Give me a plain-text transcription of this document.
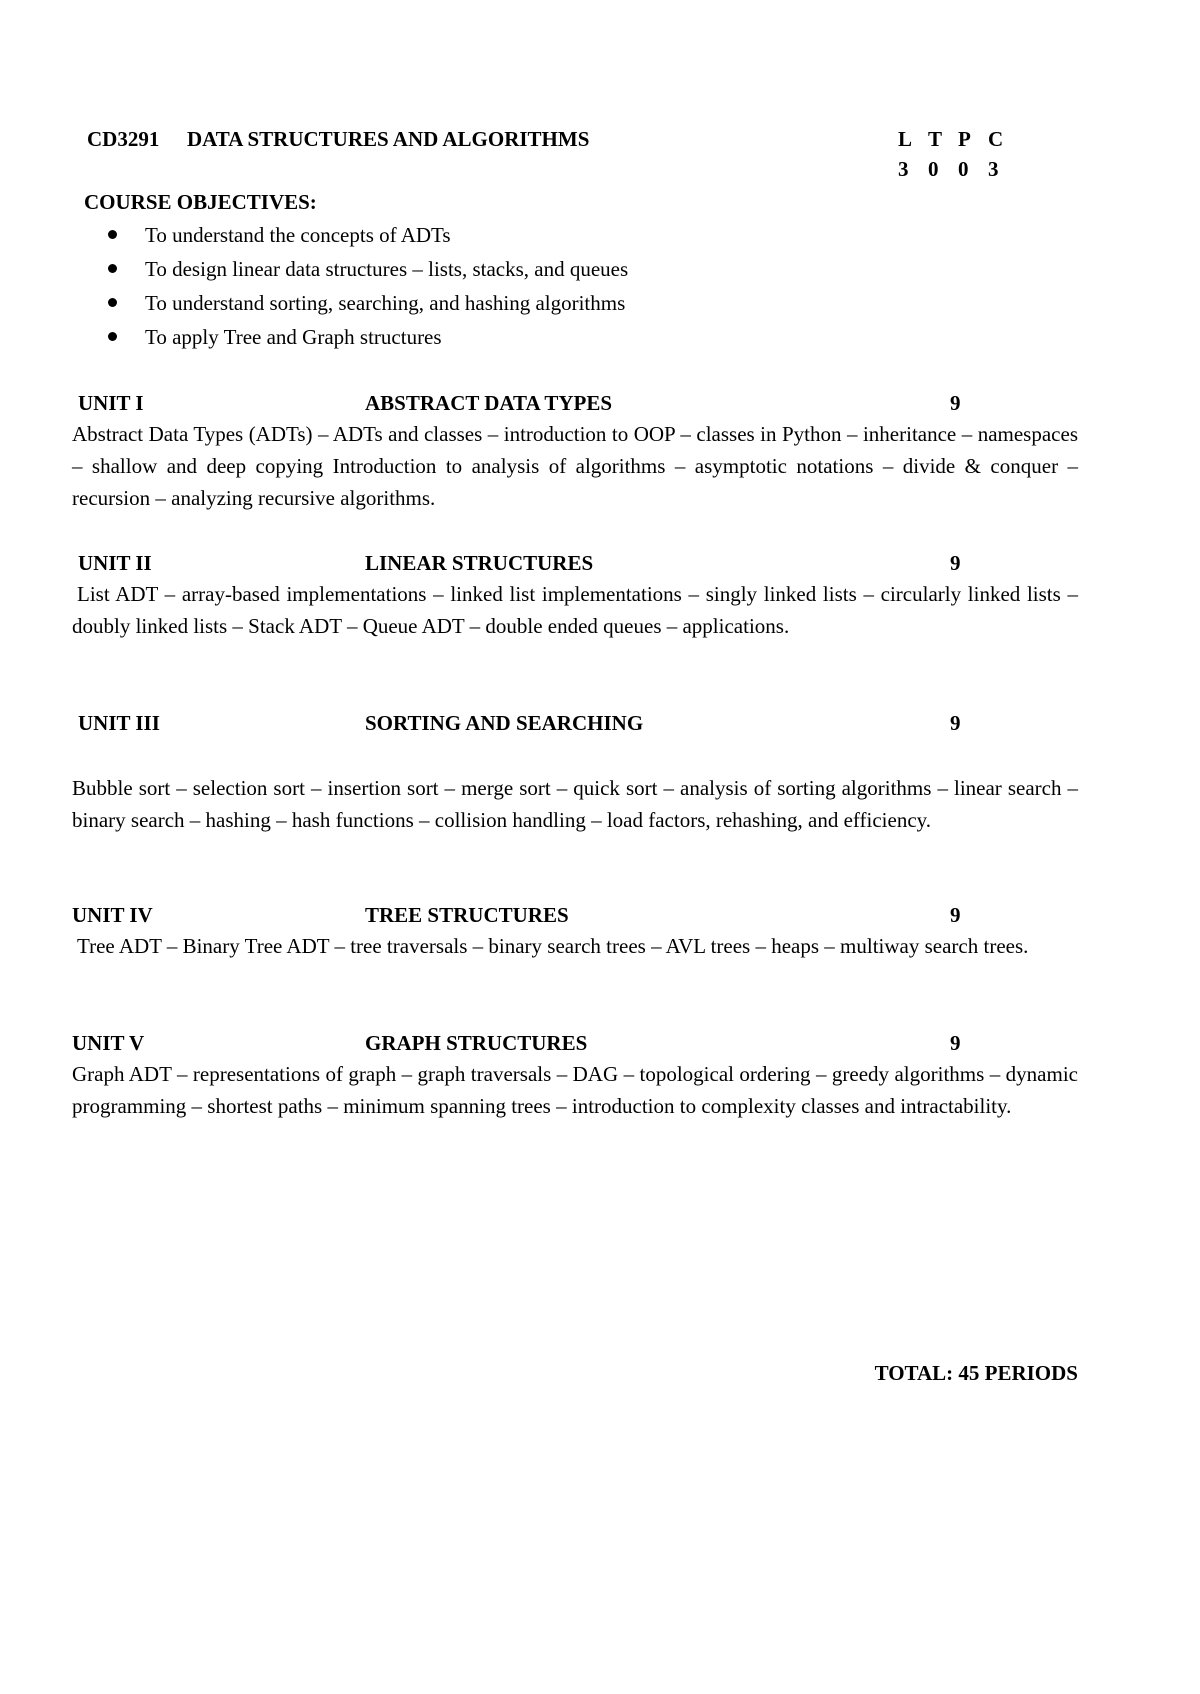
CD3291 DATA STRUCTURES AND ALGORITHMS	L T P C
3 0 0 3
COURSE OBJECTIVES:
To understand the concepts of ADTs
To design linear data structures – lists, stacks, and queues
To understand sorting, searching, and hashing algorithms
To apply Tree and Graph structures
UNIT I	ABSTRACT DATA TYPES	9

Abstract Data Types (ADTs) – ADTs and classes – introduction to OOP – classes in Python – inheritance – namespaces – shallow and deep copying Introduction to analysis of algorithms – asymptotic notations – divide & conquer – recursion – analyzing recursive algorithms.

UNIT II	LINEAR STRUCTURES	9

List ADT – array-based implementations – linked list implementations – singly linked lists – circularly linked lists – doubly linked lists – Stack ADT – Queue ADT – double ended queues – applications.

UNIT III	SORTING AND SEARCHING	9

Bubble sort – selection sort – insertion sort – merge sort – quick sort – analysis of sorting algorithms – linear search – binary search – hashing – hash functions – collision handling – load factors, rehashing, and efficiency.

UNIT IV	TREE STRUCTURES	9

Tree ADT – Binary Tree ADT – tree traversals – binary search trees – AVL trees – heaps – multiway search trees.

UNIT V	GRAPH STRUCTURES	9

Graph ADT – representations of graph – graph traversals – DAG – topological ordering – greedy algorithms – dynamic programming – shortest paths – minimum spanning trees – introduction to complexity classes and intractability.

TOTAL: 45 PERIODS
